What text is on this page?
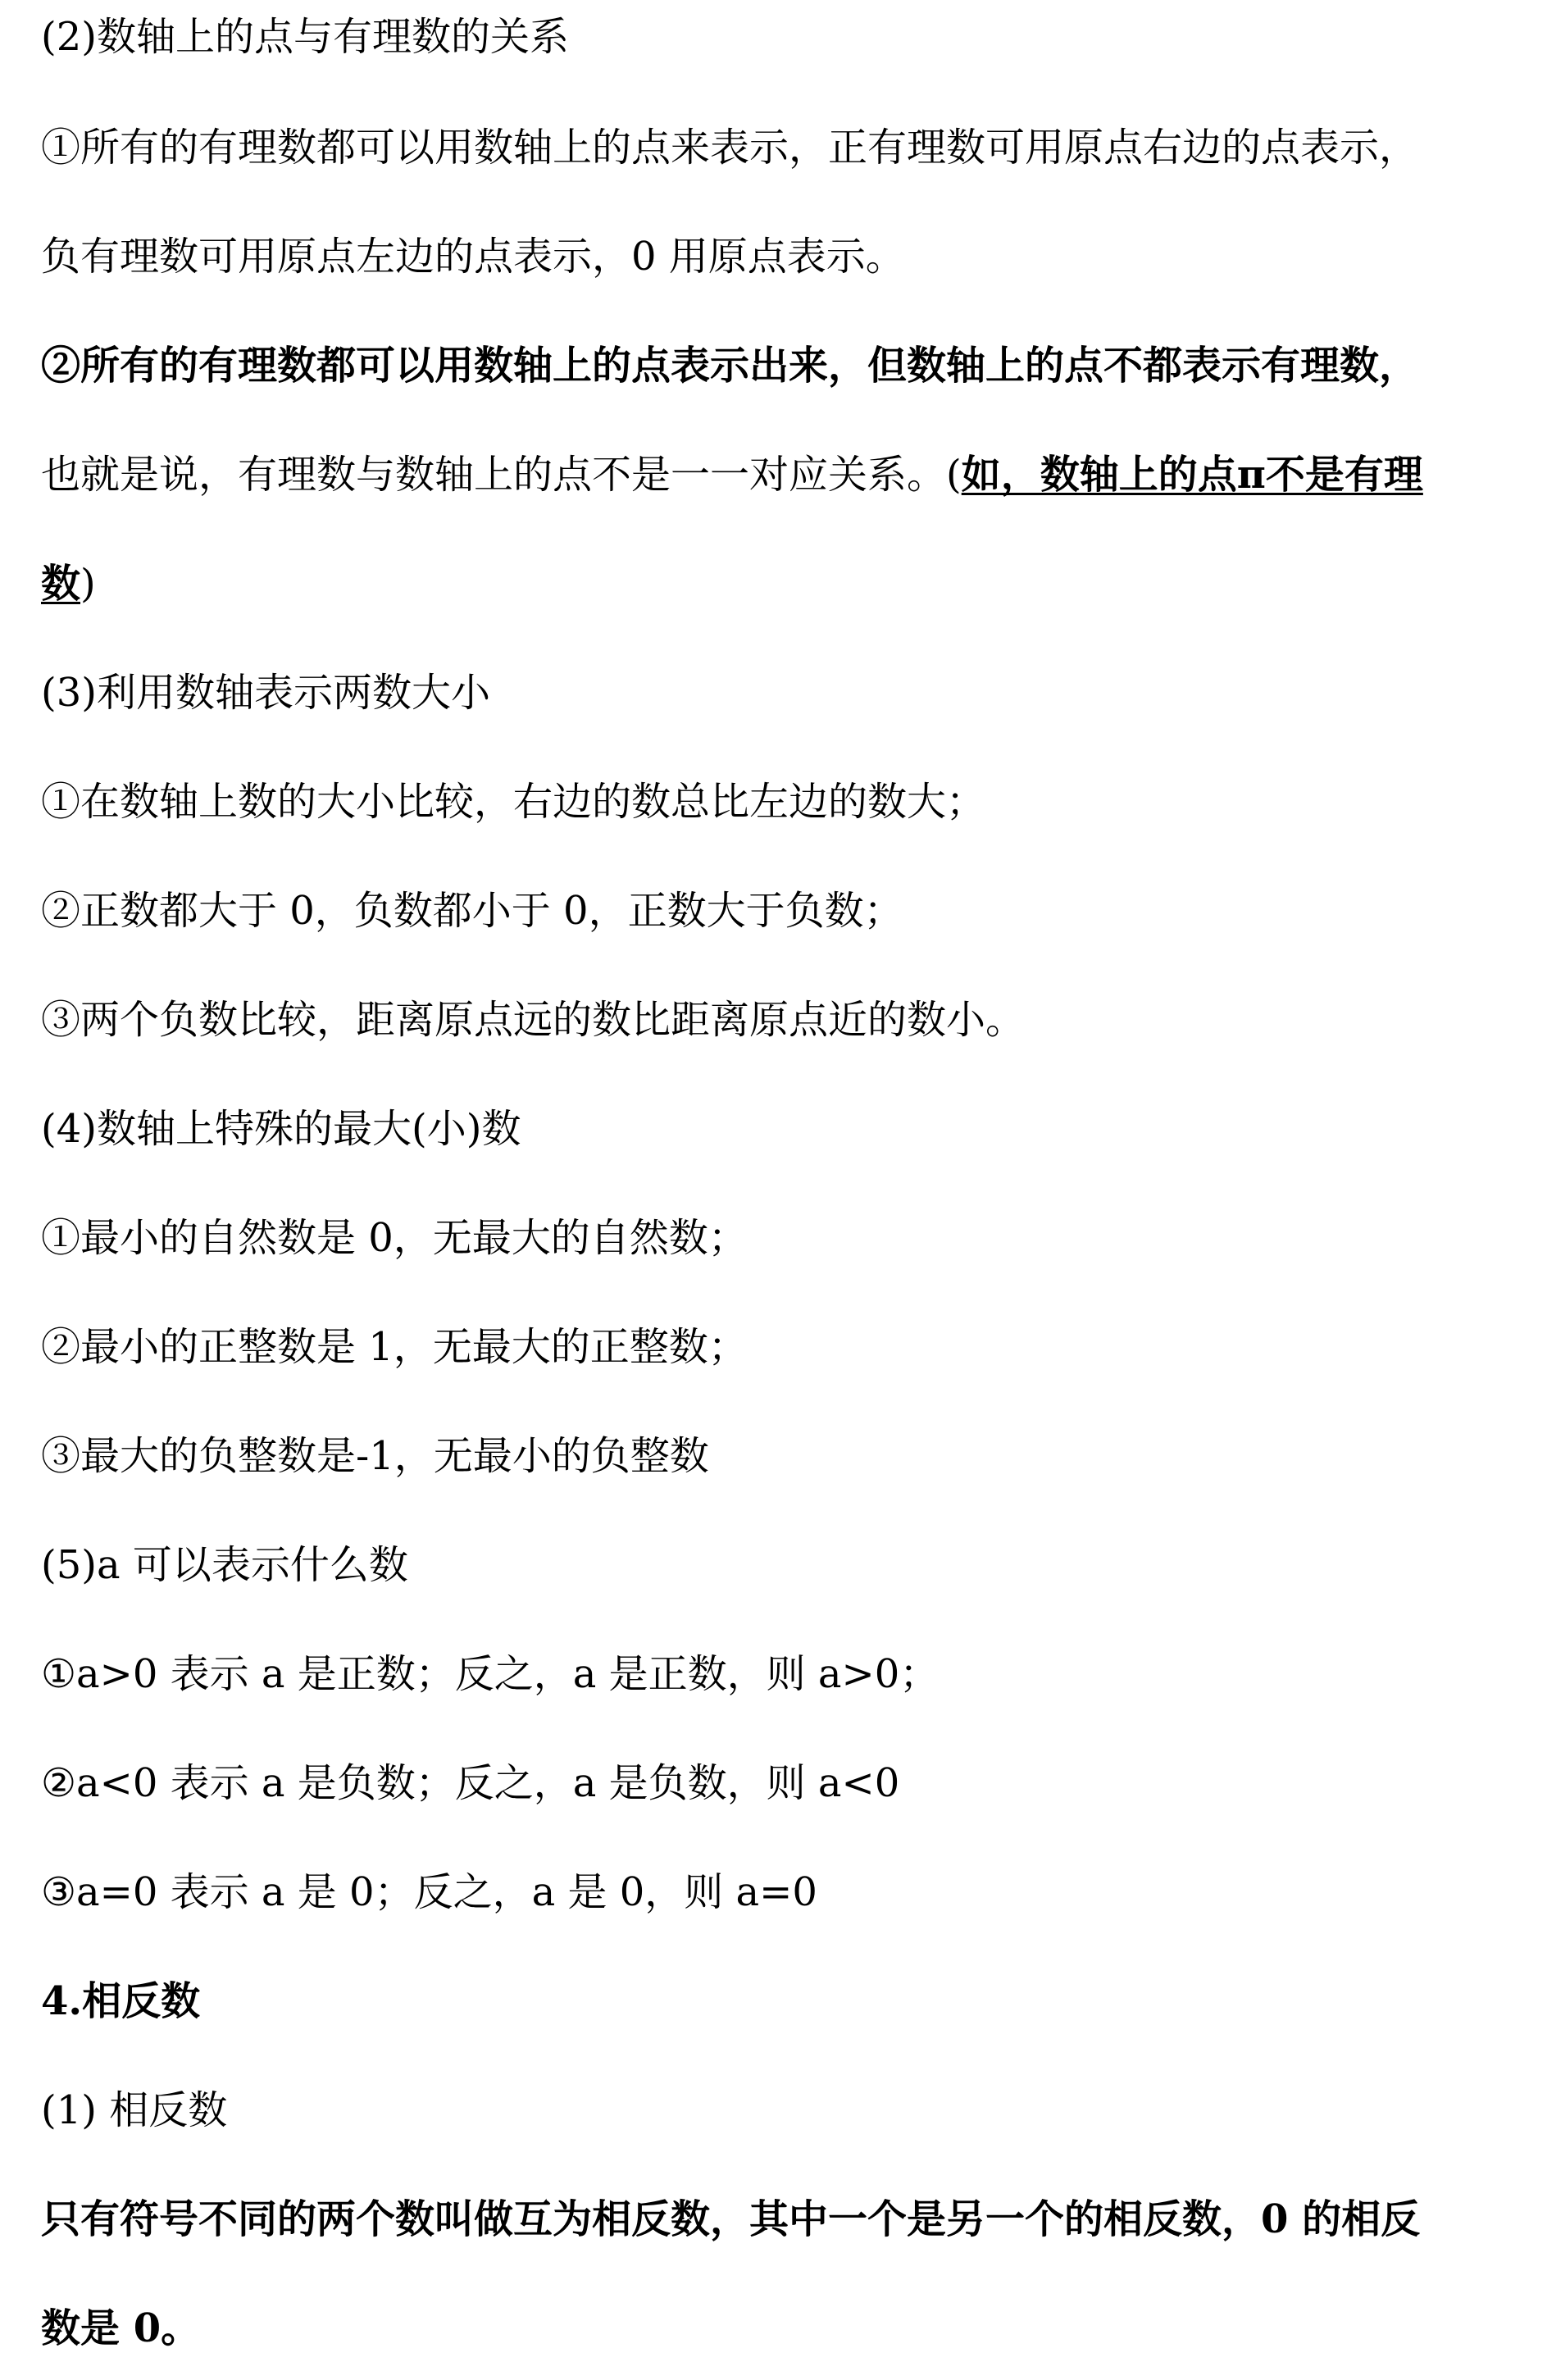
(2)数轴上的点与有理数的关系
①所有的有理数都可以用数轴上的点来表示，正有理数可用原点右边的点表示，
负有理数可用原点左边的点表示，0 用原点表示。
②所有的有理数都可以用数轴上的点表示出来，但数轴上的点不都表示有理数，
也就是说，有理数与数轴上的点不是一一对应关系。(如，数轴上的点π不是有理
数)
(3)利用数轴表示两数大小
①在数轴上数的大小比较，右边的数总比左边的数大；
②正数都大于 0，负数都小于 0，正数大于负数；
③两个负数比较，距离原点远的数比距离原点近的数小。
(4)数轴上特殊的最大(小)数
①最小的自然数是 0，无最大的自然数；
②最小的正整数是 1，无最大的正整数；
③最大的负整数是-1，无最小的负整数
(5)a 可以表示什么数
①a>0 表示 a 是正数；反之，a 是正数，则 a>0；
②a<0 表示 a 是负数；反之，a 是负数，则 a<0
③a=0 表示 a 是 0；反之，a 是 0，则 a=0
4.相反数
(1) 相反数
只有符号不同的两个数叫做互为相反数，其中一个是另一个的相反数，0 的相反
数是 0。
